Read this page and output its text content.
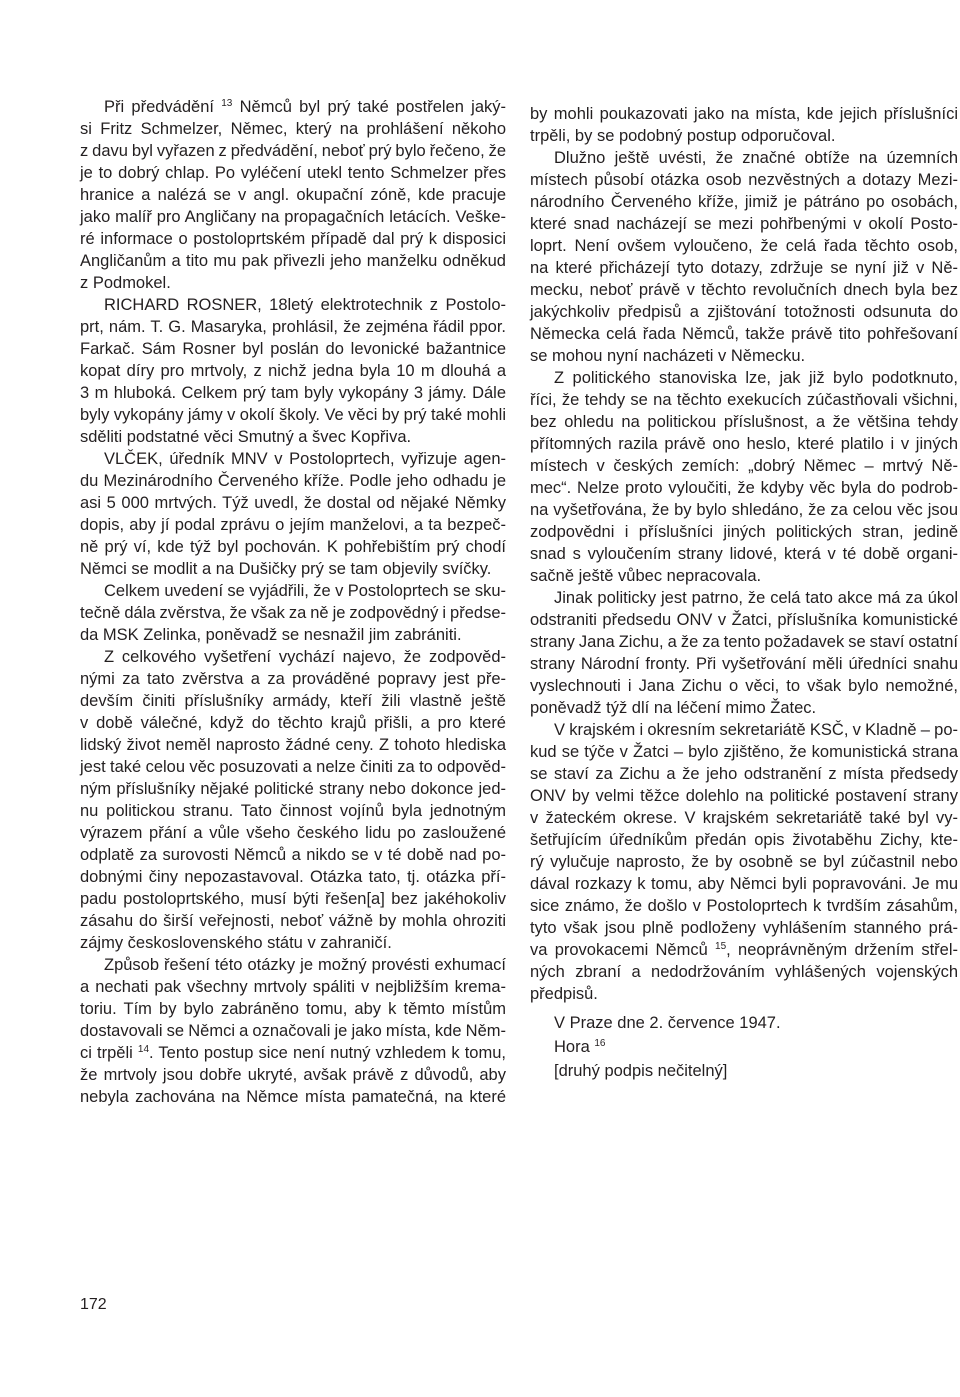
Při předvádění $^{13}$ Němců byl prý také postřelen jaký-
si Fritz Schmelzer, Němec, který na prohlášení někoho
z davu byl vyřazen z předvádění, neboť prý bylo řečeno, že
je to dobrý chlap. Po vyléčení utekl tento Schmelzer přes
hranice a nalézá se v angl. okupační zóně, kde pracuje
jako malíř pro Angličany na propagačních letácích. Veške-
ré informace o postoloprtském případě dal prý k disposici
Angličanům a tito mu pak přivezli jeho manželku odněkud
z Podmokel.
RICHARD ROSNER, 18letý elektrotechnik z Postolo-
prt, nám. T. G. Masaryka, prohlásil, že zejména řádil ppor.
Farkač. Sám Rosner byl poslán do levonické bažantnice
kopat díry pro mrtvoly, z nichž jedna byla 10 m dlouhá a
3 m hluboká. Celkem prý tam byly vykopány 3 jámy. Dále
byly vykopány jámy v okolí školy. Ve věci by prý také mohli
sděliti podstatné věci Smutný a švec Kopřiva.
VLČEK, úředník MNV v Postoloprtech, vyřizuje agen-
du Mezinárodního Červeného kříže. Podle jeho odhadu je
asi 5 000 mrtvých. Týž uvedl, že dostal od nějaké Němky
dopis, aby jí podal zprávu o jejím manželovi, a ta bezpeč-
ně prý ví, kde týž byl pochován. K pohřebištím prý chodí
Němci se modlit a na Dušičky prý se tam objevily svíčky.
Celkem uvedení se vyjádřili, že v Postoloprtech se sku-
tečně dála zvěrstva, že však za ně je zodpovědný i předse-
da MSK Zelinka, poněvadž se nesnažil jim zabrániti.
Z celkového vyšetření vychází najevo, že zodpověd-
nými za tato zvěrstva a za prováděné popravy jest pře-
devším činiti příslušníky armády, kteří žili vlastně ještě
v době válečné, když do těchto krajů přišli, a pro které
lidský život neměl naprosto žádné ceny. Z tohoto hlediska
jest také celou věc posuzovati a nelze činiti za to odpověd-
ným příslušníky nějaké politické strany nebo dokonce jed-
nu politickou stranu. Tato činnost vojínů byla jednotným
výrazem přání a vůle všeho českého lidu po zasloužené
odplatě za surovosti Němců a nikdo se v té době nad po-
dobnými činy nepozastavoval. Otázka tato, tj. otázka pří-
padu postoloprtského, musí býti řešen[a] bez jakéhokoliv
zásahu do širší veřejnosti, neboť vážně by mohla ohroziti
zájmy československého státu v zahraničí.
Způsob řešení této otázky je možný provésti exhumací
a nechati pak všechny mrtvoly spáliti v nejbližším krema-
toriu. Tím by bylo zabráněno tomu, aby k těmto místům
dostavovali se Němci a označovali je jako místa, kde Něm-
ci trpěli $^{14}$. Tento postup sice není nutný vzhledem k tomu,
že mrtvoly jsou dobře ukryté, avšak právě z důvodů, aby
nebyla zachována na Němce místa pamatečná, na které
by mohli poukazovati jako na místa, kde jejich příslušníci
trpěli, by se podobný postup odporučoval.
Dlužno ještě uvésti, že značné obtíže na územních
místech působí otázka osob nezvěstných a dotazy Mezi-
národního Červeného kříže, jimiž je pátráno po osobách,
které snad nacházejí se mezi pohřbenými v okolí Posto-
loprt. Není ovšem vyloučeno, že celá řada těchto osob,
na které přicházejí tyto dotazy, zdržuje se nyní již v Ně-
mecku, neboť právě v těchto revolučních dnech byla bez
jakýchkoliv předpisů a zjištování totožnosti odsunuta do
Německa celá řada Němců, takže právě tito pohřešovaní
se mohou nyní nacházeti v Německu.
Z politického stanoviska lze, jak již bylo podotknuto,
říci, že tehdy se na těchto exekucích zúčastňovali všichni,
bez ohledu na politickou příslušnost, a že většina tehdy
přítomných razila právě ono heslo, které platilo i v jiných
místech v českých zemích: „dobrý Němec – mrtvý Ně-
mec“. Nelze proto vyloučiti, že kdyby věc byla do podrob-
na vyšetřována, že by bylo shledáno, že za celou věc jsou
zodpovědni i příslušníci jiných politických stran, jedině
snad s vyloučením strany lidové, která v té době organi-
sačně ještě vůbec nepracovala.
Jinak politicky jest patrno, že celá tato akce má za úkol
odstraniti předsedu ONV v Žatci, příslušníka komunistické
strany Jana Zichu, a že za tento požadavek se staví ostatní
strany Národní fronty. Při vyšetřování měli úředníci snahu
vyslechnouti i Jana Zichu o věci, to však bylo nemožné,
poněvadž týž dlí na léčení mimo Žatec.
V krajském i okresním sekretariátě KSČ, v Kladně – po-
kud se týče v Žatci – bylo zjištěno, že komunistická strana
se staví za Zichu a že jeho odstranění z místa předsedy
ONV by velmi těžce dolehlo na politické postavení strany
v žateckém okrese. V krajském sekretariátě také byl vy-
šetřujícím úředníkům předán opis životaběhu Zichy, kte-
rý vylučuje naprosto, že by osobně se byl zúčastnil nebo
dával rozkazy k tomu, aby Němci byli popravováni. Je mu
sice známo, že došlo v Postoloprtech k tvrdším zásahům,
tyto však jsou plně podloženy vyhlášením stanného prá-
va provokacemi Němců $^{15}$, neoprávněným držením střel-
ných zbraní a nedodržováním vyhlášených vojenských
předpisů.
V Praze dne 2. července 1947.
Hora $^{16}$
[druhý podpis nečitelný]
172
